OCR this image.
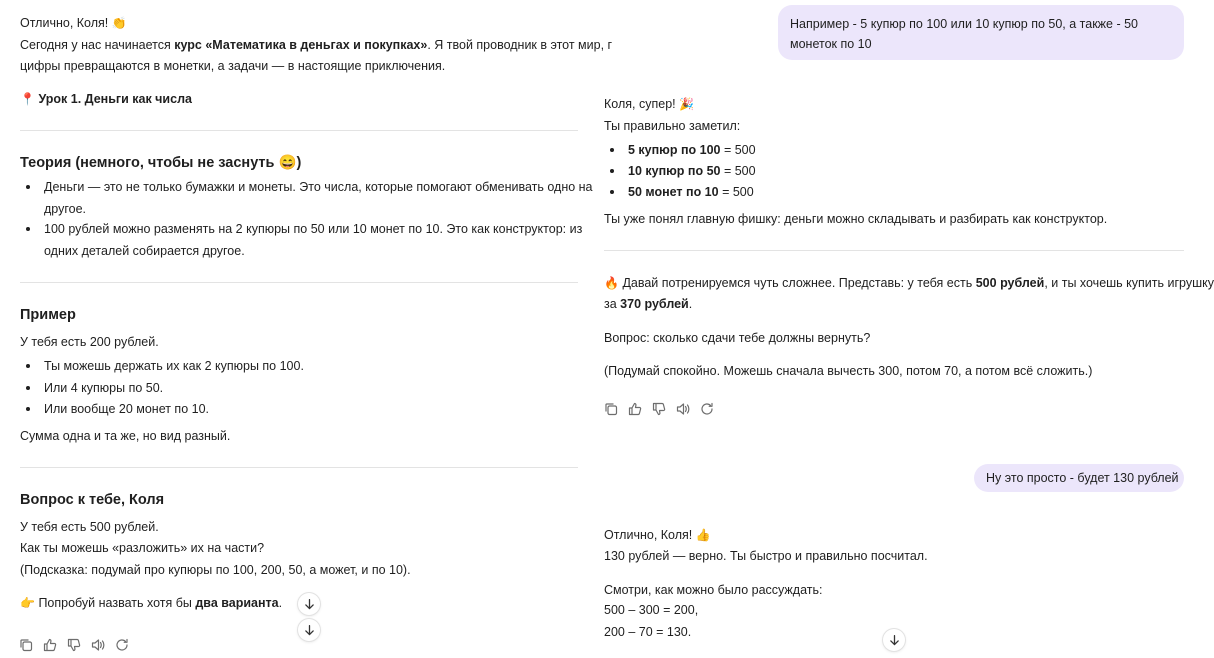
Отлично, Коля! 👏
Сегодня у нас начинается курс «Математика в деньгах и покупках». Я твой проводник в этот мир, г
цифры превращаются в монетки, а задачи — в настоящие приключения.
📍 Урок 1. Деньги как числа
Теория (немного, чтобы не заснуть 😄)
Деньги — это не только бумажки и монеты. Это числа, которые помогают обменивать одно на
другое.
100 рублей можно разменять на 2 купюры по 50 или 10 монет по 10. Это как конструктор: из
одних деталей собирается другое.
Пример
У тебя есть 200 рублей.
Ты можешь держать их как 2 купюры по 100.
Или 4 купюры по 50.
Или вообще 20 монет по 10.
Сумма одна и та же, но вид разный.
Вопрос к тебе, Коля
У тебя есть 500 рублей.
Как ты можешь «разложить» их на части?
(Подсказка: подумай про купюры по 100, 200, 50, а может, и по 10).
👉 Попробуй назвать хотя бы два варианта.
Например - 5 купюр по 100 или 10 купюр по 50, а также - 50
монеток по 10
Коля, супер! 🎉
Ты правильно заметил:
5 купюр по 100 = 500
10 купюр по 50 = 500
50 монет по 10 = 500
Ты уже понял главную фишку: деньги можно складывать и разбирать как конструктор.
🔥 Давай потренируемся чуть сложнее. Представь: у тебя есть 500 рублей, и ты хочешь купить игрушку
за 370 рублей.
Вопрос: сколько сдачи тебе должны вернуть?
(Подумай спокойно. Можешь сначала вычесть 300, потом 70, а потом всё сложить.)
Ну это просто - будет 130 рублей
Отлично, Коля! 👍
130 рублей — верно. Ты быстро и правильно посчитал.
Смотри, как можно было рассуждать:
500 – 300 = 200,
200 – 70 = 130.
